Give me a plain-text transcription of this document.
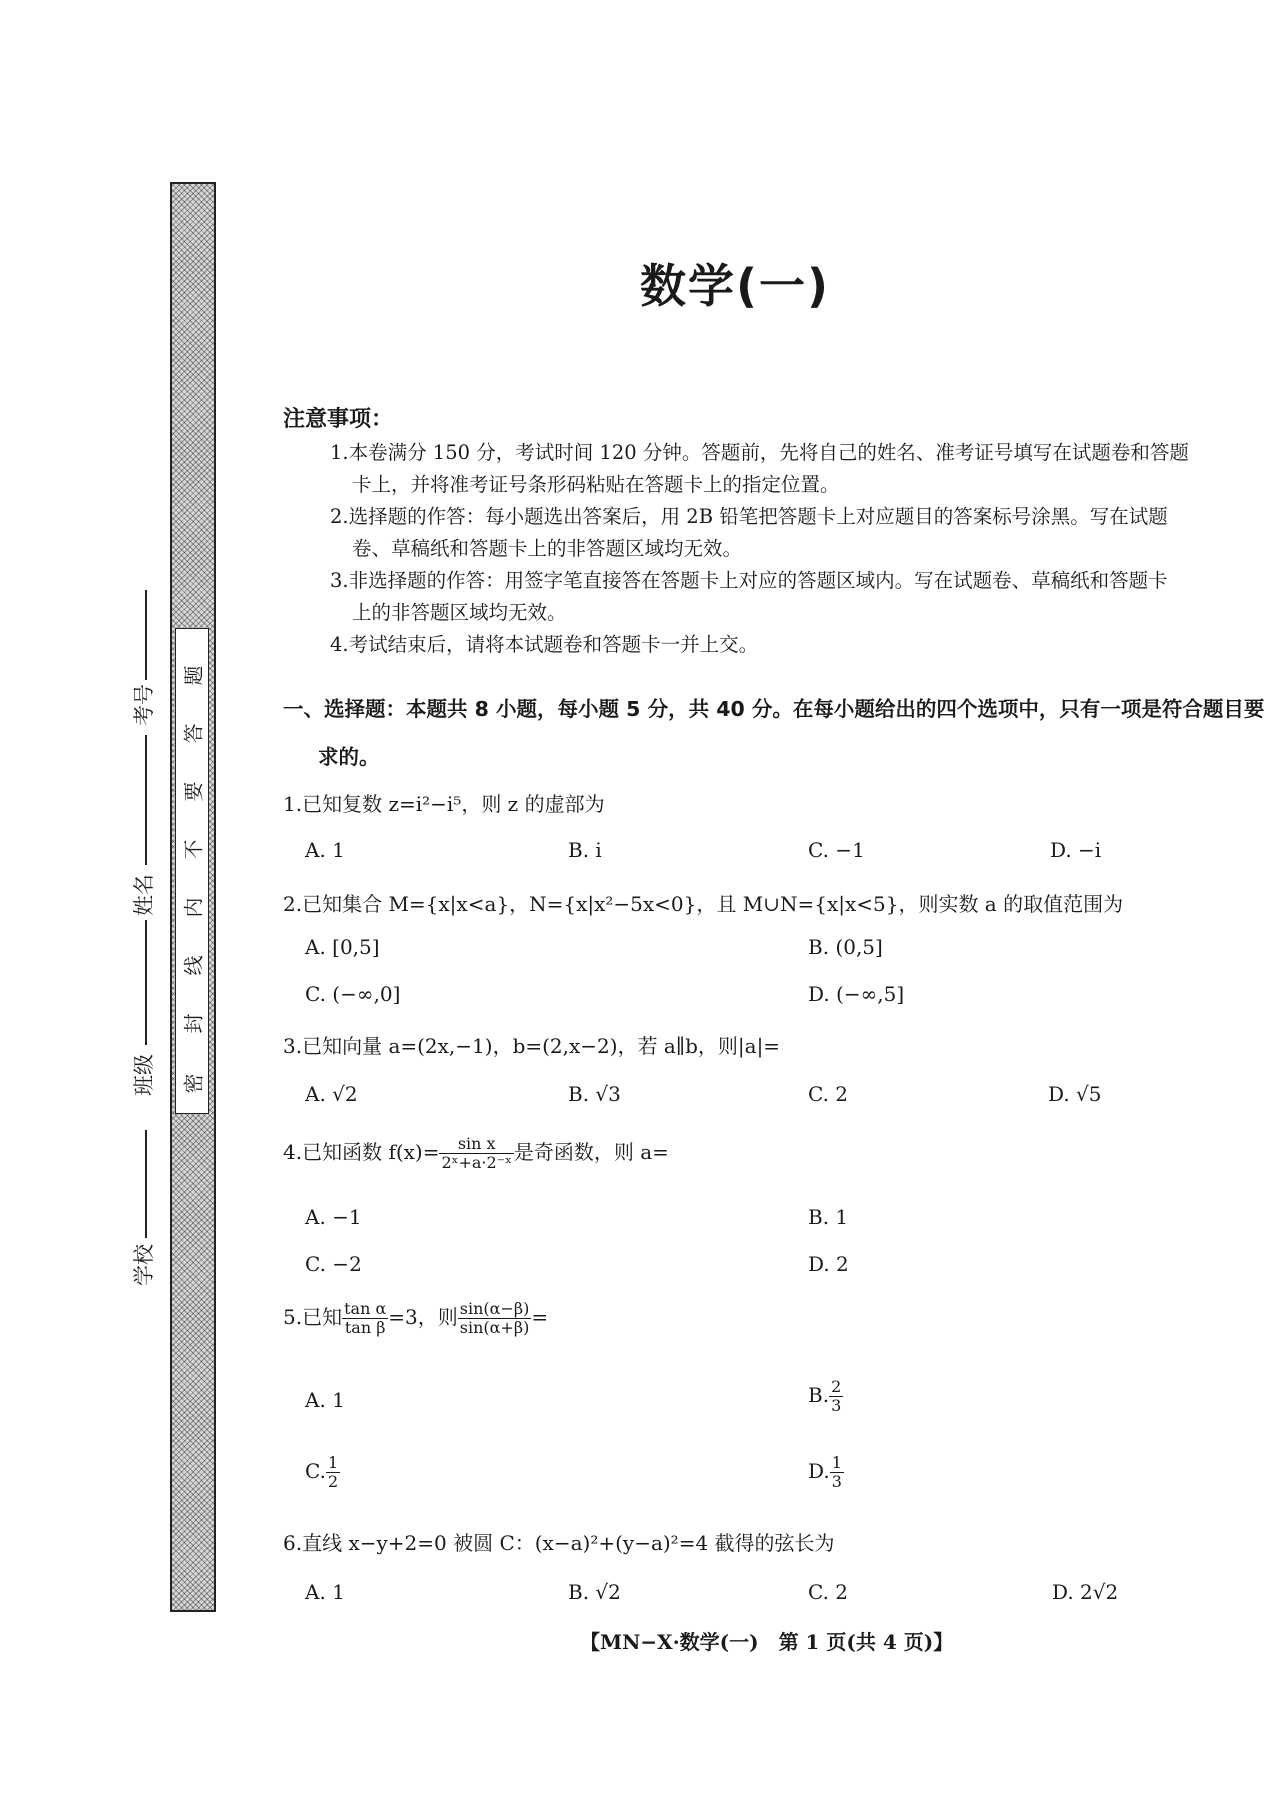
密
封
线
内
不
要
答
题
学校
班级
姓名
考号
数学(一)
注意事项：
1.本卷满分 150 分，考试时间 120 分钟。答题前，先将自己的姓名、准考证号填写在试题卷和答题
卡上，并将准考证号条形码粘贴在答题卡上的指定位置。
2.选择题的作答：每小题选出答案后，用 2B 铅笔把答题卡上对应题目的答案标号涂黑。写在试题
卷、草稿纸和答题卡上的非答题区域均无效。
3.非选择题的作答：用签字笔直接答在答题卡上对应的答题区域内。写在试题卷、草稿纸和答题卡
上的非答题区域均无效。
4.考试结束后，请将本试题卷和答题卡一并上交。
一、选择题：本题共 8 小题，每小题 5 分，共 40 分。在每小题给出的四个选项中，只有一项是符合题目要
求的。
1.已知复数 z=i²−i⁵，则 z 的虚部为
A. 1	B. i	C. −1	D. −i
2.已知集合 M={x|x<a}，N={x|x²−5x<0}，且 M∪N={x|x<5}，则实数 a 的取值范围为
A. [0,5]	B. (0,5]
C. (−∞,0]	D. (−∞,5]
3.已知向量 a=(2x,−1)，b=(2,x−2)，若 a∥b，则|a|=
A. √2	B. √3	C. 2	D. √5
4.已知函数 $f(x)= \frac{\text{sin x}}{\text{2ˣ+a·2⁻ˣ}}$ 是奇函数，则 a=
A. −1	B. 1
C. −2	D. 2
5.已知 $\frac{\text{tan α}}{\text{tan β}} =3$，则 $\frac{\sin(\alpha-\beta)}{\sin(\alpha+\beta)}$ =
A. 1	B. $\frac{2}{3}$
C. $\frac{1}{2}$	D. $\frac{1}{3}$
6.直线 x−y+2=0 被圆 C：(x−a)²+(y−a)²=4 截得的弦长为
A. 1	B. √2	C. 2	D. 2√2
【MN−X·数学(一)　第 1 页(共 4 页)】
